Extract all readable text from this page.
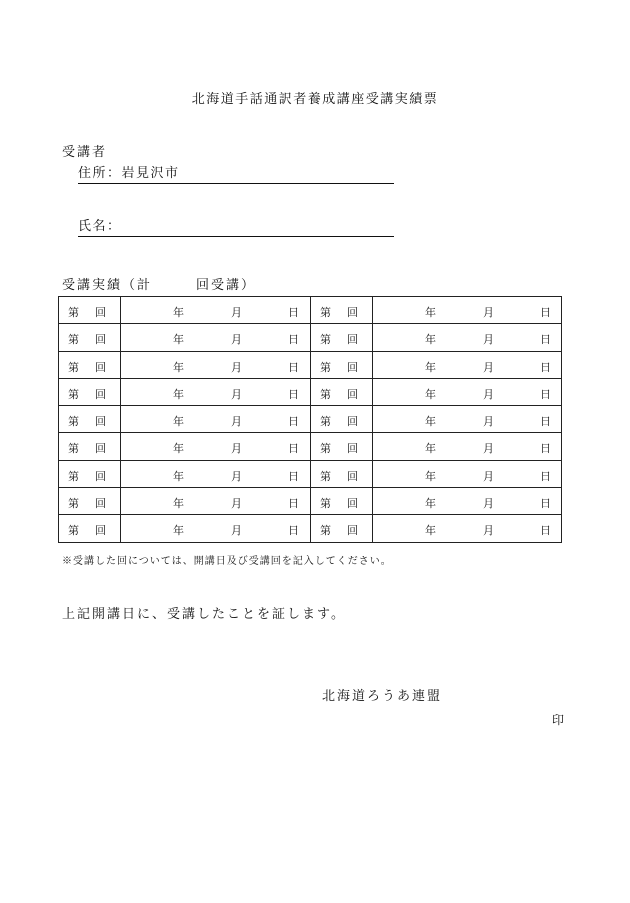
北海道手話通訳者養成講座受講実績票
受講者
住所：岩見沢市
氏名：
受講実績（計	回受講）
第 回	年 月 日	第 回	年 月 日

第 回	年 月 日	第 回	年 月 日

第 回	年 月 日	第 回	年 月 日

第 回	年 月 日	第 回	年 月 日

第 回	年 月 日	第 回	年 月 日

第 回	年 月 日	第 回	年 月 日

第 回	年 月 日	第 回	年 月 日

第 回	年 月 日	第 回	年 月 日

第 回	年 月 日	第 回	年 月 日
※受講した回については、開講日及び受講回を記入してください。
上記開講日に、受講したことを証します。
北海道ろうあ連盟
印
